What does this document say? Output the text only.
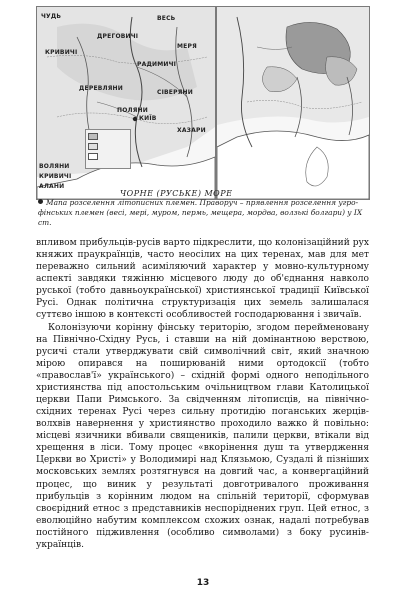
ЧУДЬ	ВЕСЬ
ДРЕГОВИЧІ
КРИВИЧІ
МЕРЯ
РАДИМИЧІ
СІВЕРЯНИ
ПОЛЯНИ
ДЕРЕВЛЯНИ
ХАЗАРИ
КИЇВ
ВОЛЯНИ
КРИВИЧІ
АЛАНИ
ЧОРНЕ (РУСЬКЕ) МОРЕ
Мапа розселення літописних племен. Праворуч – прявлення розселення угро-фінських племен (весі, мері, муром, пермь, мещера, мордва, волзькі болгари) у IX ст.

впливом прибульців-русів варто підкреслити, що колонізаційний рух княжих праукраїнців, часто неосілих на цих теренах, мав для мет переважно сильний асиміляючий характер у мовно-культурному аспекті завдяки тяжінню місцевого люду до об'єднання навколо руської (тобто давньоукраїнської) християнської традиції Київської Русі. Однак політична структуризація цих земель залишалася суттєво іншою в контексті особливостей господарювання і звичаїв.

Колонізуючи корінну фінську територію, згодом перейменовану на Північно-Східну Русь, і ставши на ній домінантною верствою, русичі стали утверджувати свій символічний світ, який значною мірою опирався на поширюваній ними ортодоксії (тобто «православ'ї» українського) – східній формі одного неподільного християнства під апостольським очільництвом глави Католицької церкви Папи Римського. За свідченням літописців, на північно-східних теренах Русі через сильну протидію поганських жерців-волхвів навернення у християнство проходило важко й повільно: місцеві язичники вбивали священиків, палили церкви, втікали від хрещення в ліси. Тому процес «вкорінення душ та утвердження Церкви во Христі» у Володимирі над Клязьмою, Суздалі й пізніших московських землях розтягнувся на довгий час, а конвергаційний процес, що виник у результаті довготривалого проживання прибульців з корінним людом на спільній території, сформував своєрідний етнос з представників неспоріднених груп. Цей етнос, з еволюційно набутим комплексом схожих ознак, надалі потребував постійного підживлення (особливо символами) з боку русинів-українців.

13
